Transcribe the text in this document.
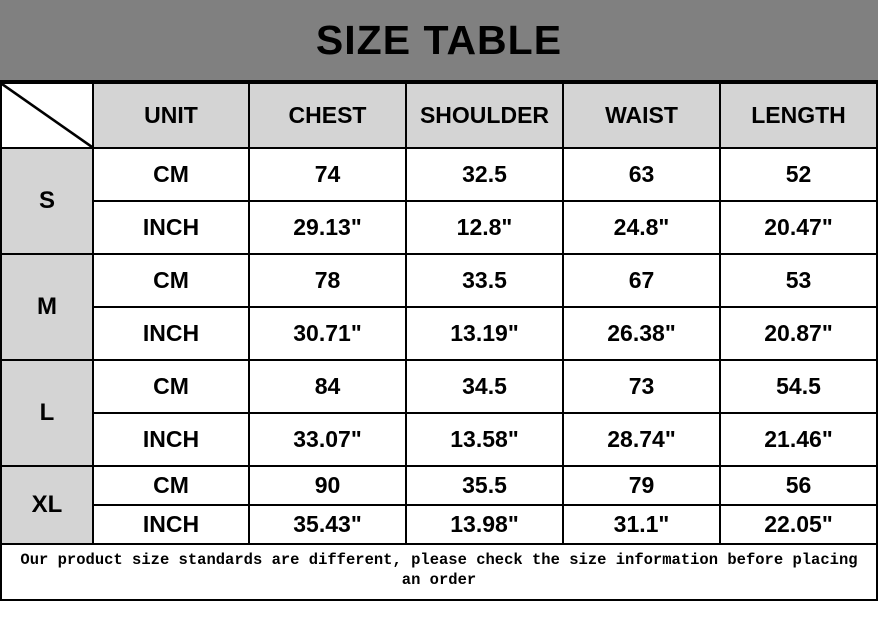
SIZE TABLE
	UNIT	CHEST	SHOULDER	WAIST	LENGTH
S	CM	74	32.5	63	52
	INCH	29.13"	12.8"	24.8"	20.47"
M	CM	78	33.5	67	53
	INCH	30.71"	13.19"	26.38"	20.87"
L	CM	84	34.5	73	54.5
	INCH	33.07"	13.58"	28.74"	21.46"
XL	CM	90	35.5	79	56
	INCH	35.43"	13.98"	31.1"	22.05"
Our product size standards are different, please check the size information before placing an order
